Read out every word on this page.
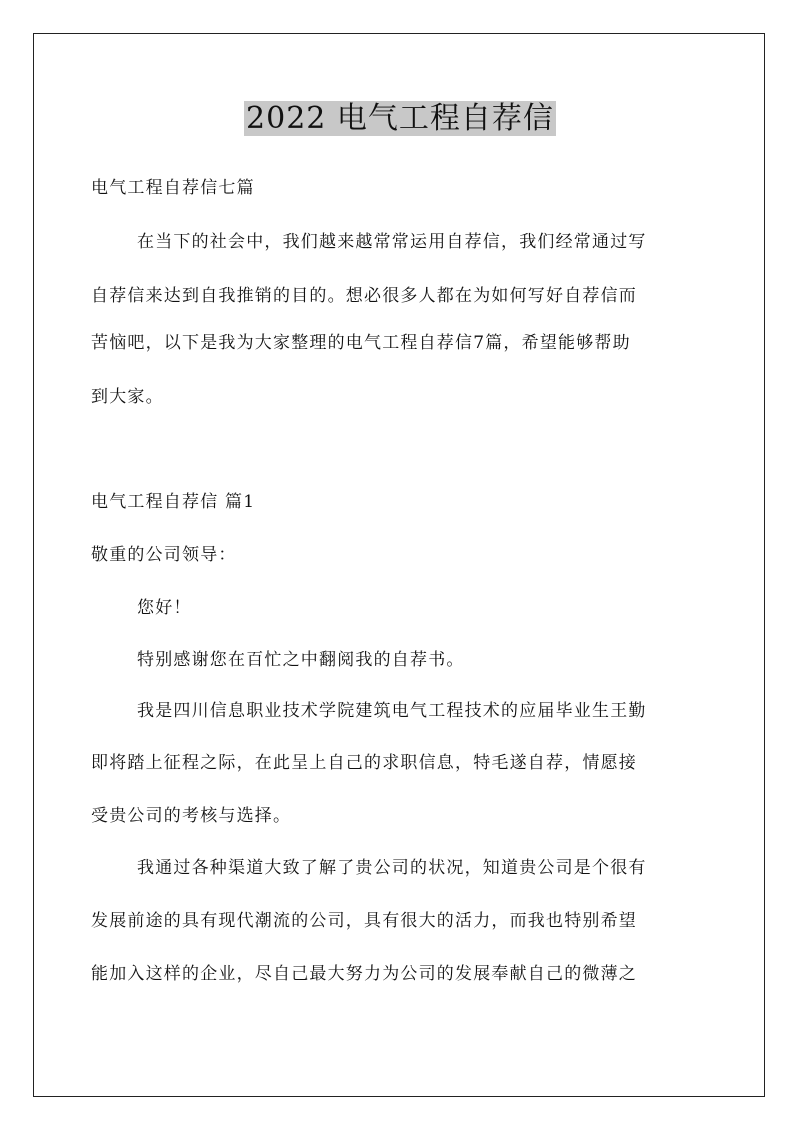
2022 电气工程自荐信
电气工程自荐信七篇
在当下的社会中，我们越来越常常运用自荐信，我们经常通过写
自荐信来达到自我推销的目的。想必很多人都在为如何写好自荐信而
苦恼吧，以下是我为大家整理的电气工程自荐信7篇，希望能够帮助
到大家。
电气工程自荐信 篇1
敬重的公司领导：
您好！
特别感谢您在百忙之中翻阅我的自荐书。
我是四川信息职业技术学院建筑电气工程技术的应届毕业生王勤
即将踏上征程之际，在此呈上自己的求职信息，特毛遂自荐，情愿接
受贵公司的考核与选择。
我通过各种渠道大致了解了贵公司的状况，知道贵公司是个很有
发展前途的具有现代潮流的公司，具有很大的活力，而我也特别希望
能加入这样的企业，尽自己最大努力为公司的发展奉献自己的微薄之
